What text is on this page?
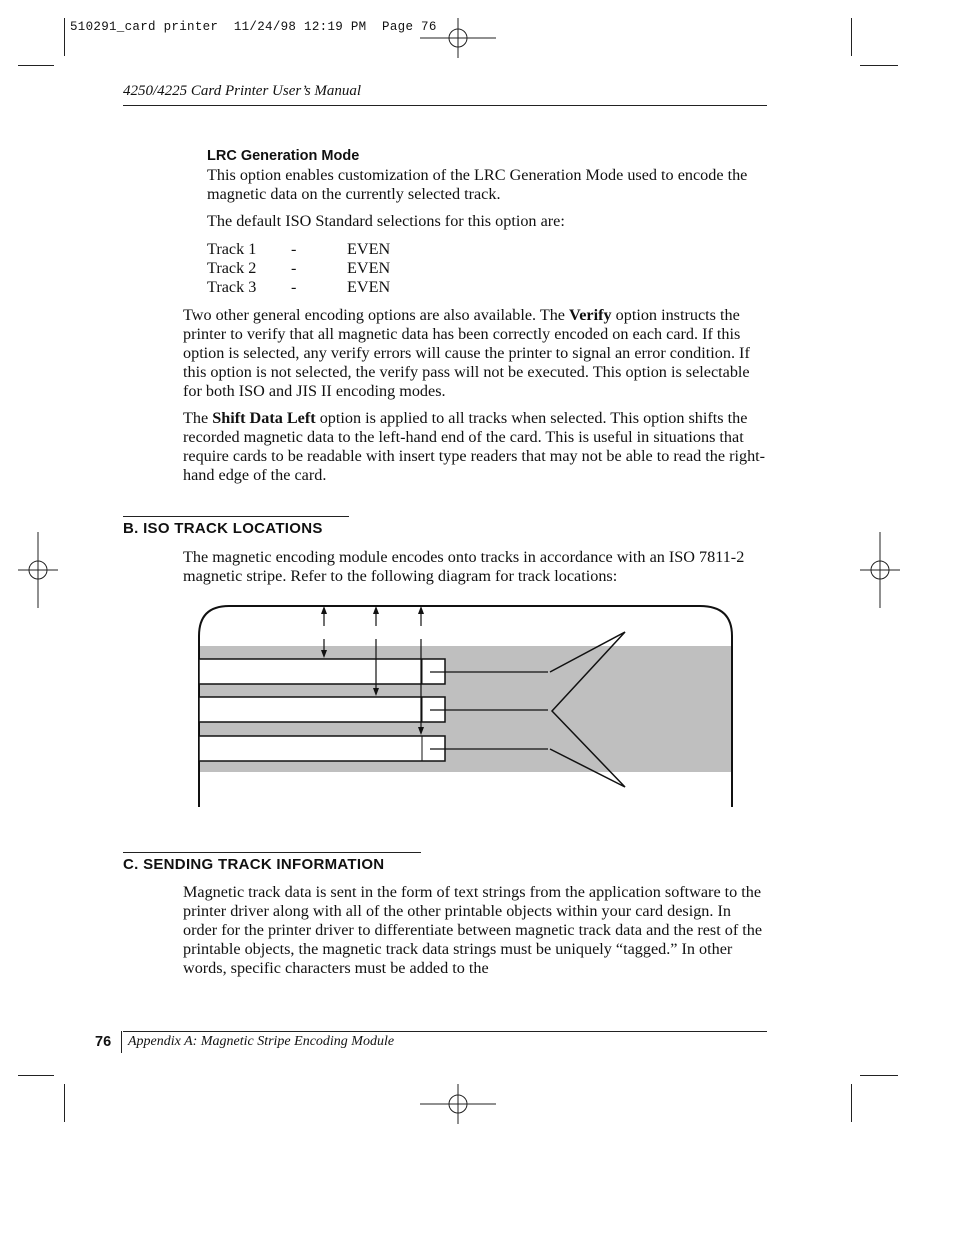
510291_card printer  11/24/98 12:19 PM  Page 76
4250/4225 Card Printer User’s Manual
LRC Generation Mode

This option enables customization of the LRC Generation Mode used to encode the magnetic data on the currently selected track.

The default ISO Standard selections for this option are:

Track 1	-	EVEN
Track 2	-	EVEN
Track 3	-	EVEN

Two other general encoding options are also available. The Verify option instructs the printer to verify that all magnetic data has been correctly encoded on each card. If this option is selected, any verify errors will cause the printer to signal an error condition. If this option is not selected, the verify pass will not be executed. This option is selectable for both ISO and JIS II encoding modes.

The Shift Data Left option is applied to all tracks when selected. This option shifts the recorded magnetic data to the left-hand end of the card. This is useful in situations that require cards to be readable with insert type readers that may not be able to read the right-hand edge of the card.

B. ISO TRACK LOCATIONS
The magnetic encoding module encodes onto tracks in accordance with an ISO 7811-2 magnetic stripe. Refer to the following diagram for track locations:
C. SENDING TRACK INFORMATION
Magnetic track data is sent in the form of text strings from the application software to the printer driver along with all of the other printable objects within your card design. In order for the printer driver to differentiate between magnetic track data and the rest of the printable objects, the magnetic track data strings must be uniquely “tagged.” In other words, specific characters must be added to the
76 Appendix A: Magnetic Stripe Encoding Module
